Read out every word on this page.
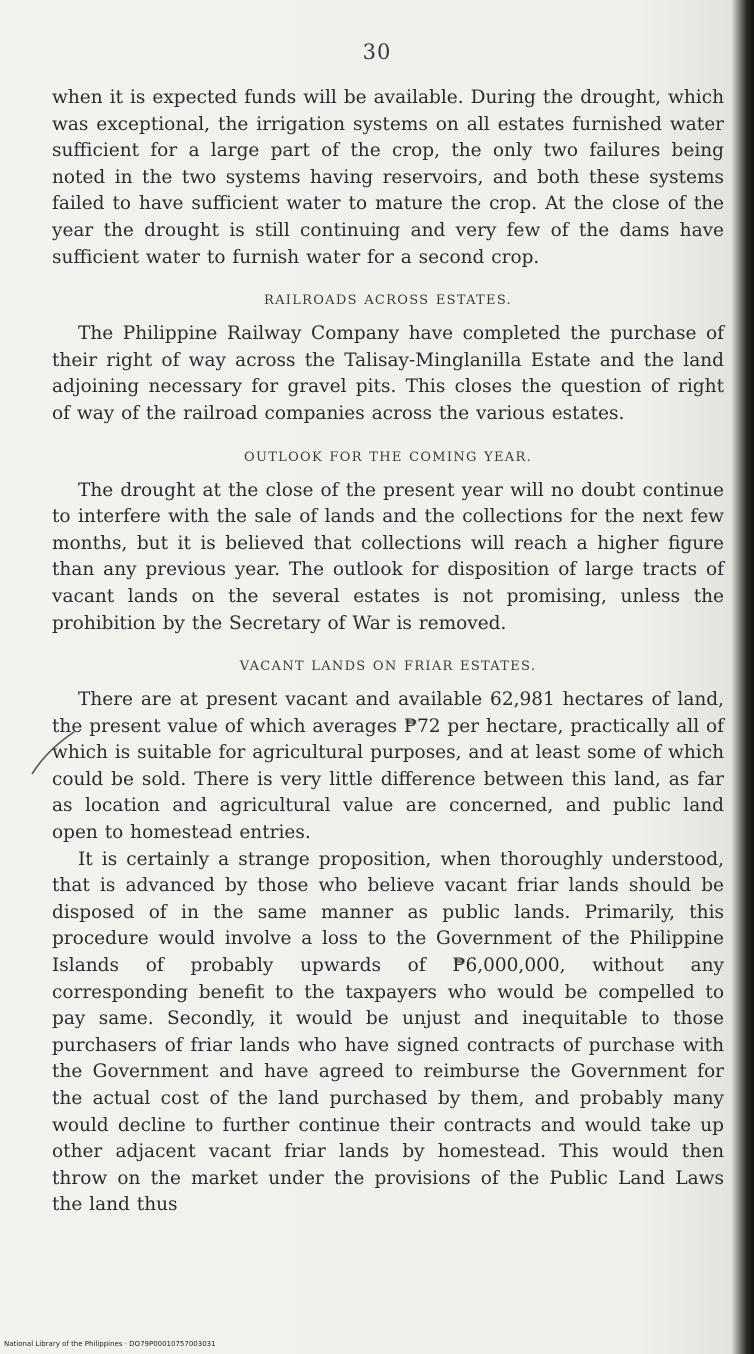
30

when it is expected funds will be available. During the drought, which was exceptional, the irrigation systems on all estates furnished water sufficient for a large part of the crop, the only two failures being noted in the two systems having reservoirs, and both these systems failed to have sufficient water to mature the crop. At the close of the year the drought is still continuing and very few of the dams have sufficient water to furnish water for a second crop.

RAILROADS ACROSS ESTATES.

The Philippine Railway Company have completed the purchase of their right of way across the Talisay-Minglanilla Estate and the land adjoining necessary for gravel pits. This closes the question of right of way of the railroad companies across the various estates.

OUTLOOK FOR THE COMING YEAR.

The drought at the close of the present year will no doubt continue to interfere with the sale of lands and the collections for the next few months, but it is believed that collections will reach a higher figure than any previous year. The outlook for disposition of large tracts of vacant lands on the several estates is not promising, unless the prohibition by the Secretary of War is removed.

VACANT LANDS ON FRIAR ESTATES.

There are at present vacant and available 62,981 hectares of land, the present value of which averages ₱72 per hectare, practically all of which is suitable for agricultural purposes, and at least some of which could be sold. There is very little difference between this land, as far as location and agricultural value are concerned, and public land open to homestead entries.

It is certainly a strange proposition, when thoroughly understood, that is advanced by those who believe vacant friar lands should be disposed of in the same manner as public lands. Primarily, this procedure would involve a loss to the Government of the Philippine Islands of probably upwards of ₱6,000,000, without any corresponding benefit to the taxpayers who would be compelled to pay same. Secondly, it would be unjust and inequitable to those purchasers of friar lands who have signed contracts of purchase with the Government and have agreed to reimburse the Government for the actual cost of the land purchased by them, and probably many would decline to further continue their contracts and would take up other adjacent vacant friar lands by homestead. This would then throw on the market under the provisions of the Public Land Laws the land thus

National Library of the Philippines · DO79P00010757003031
